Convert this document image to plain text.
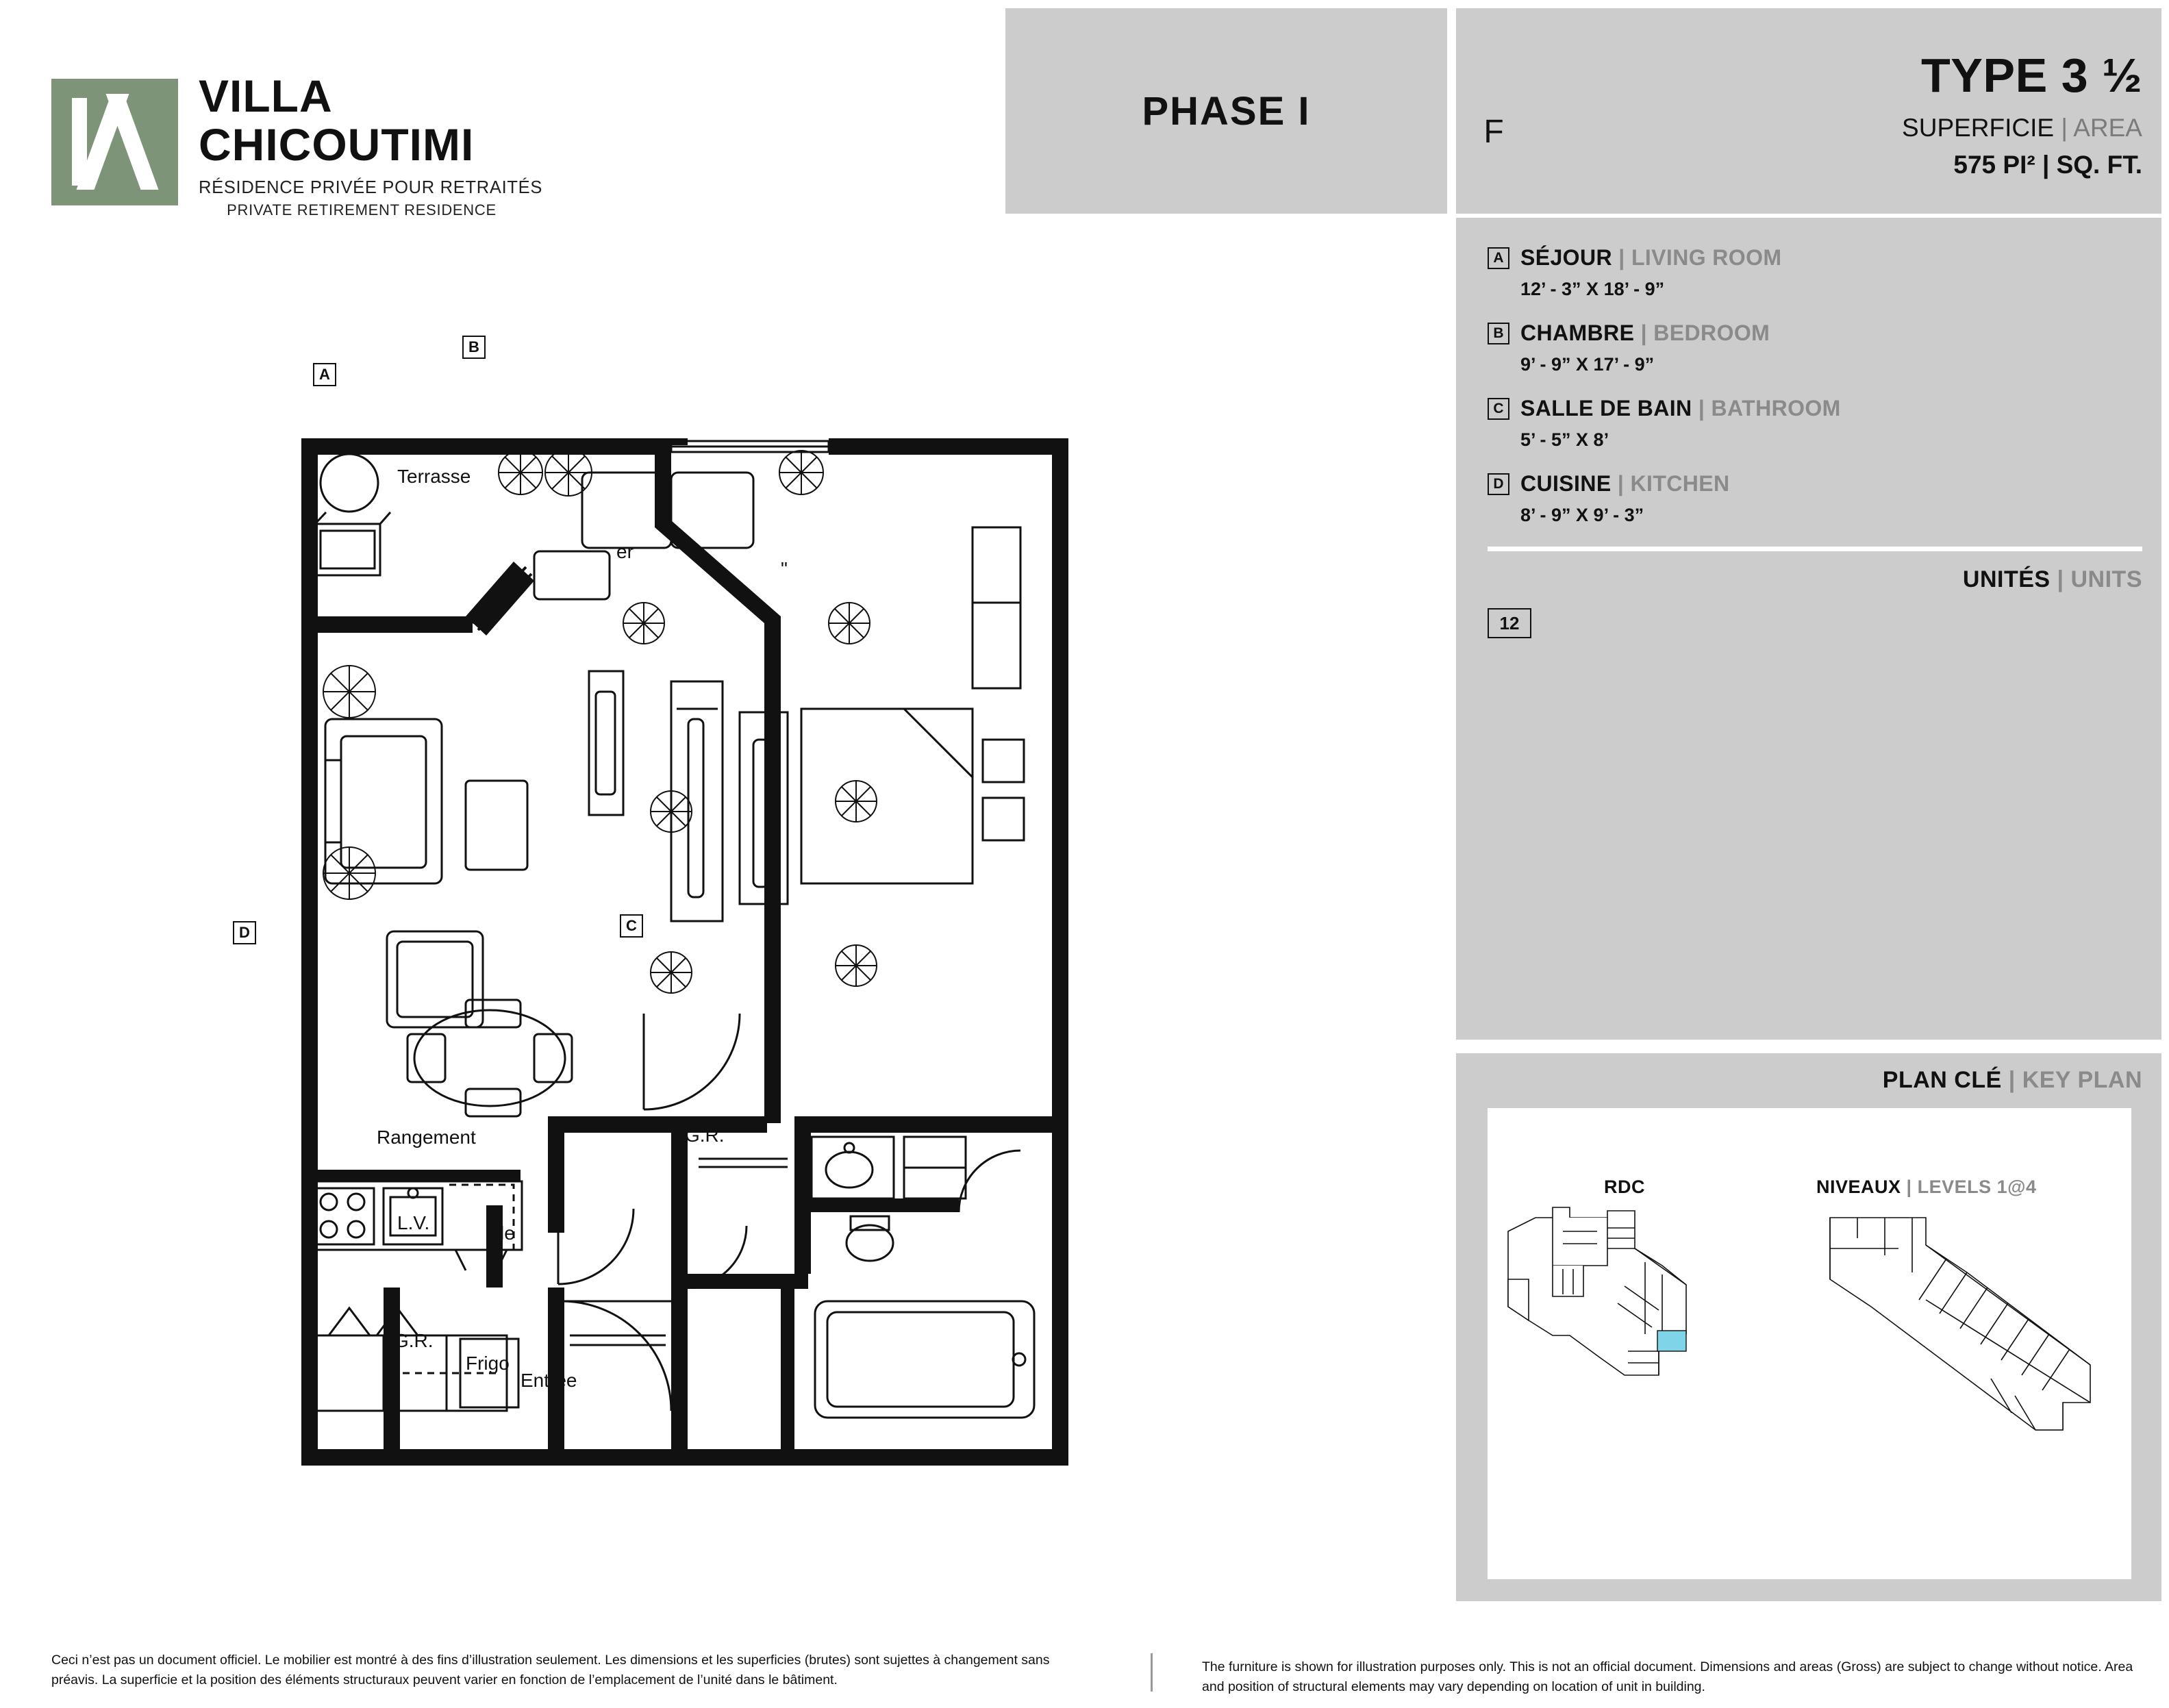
VILLA
CHICOUTIMI
RÉSIDENCE PRIVÉE POUR RETRAITÉS
PRIVATE RETIREMENT RESIDENCE
PHASE I	F
TYPE 3 ½
SUPERFICIE | AREA
575 PI² | SQ. FT.
A SÉJOUR | LIVING ROOM
12’ - 3” X 18’ - 9”
B CHAMBRE | BEDROOM
9’ - 9” X 17’ - 9”
C SALLE DE BAIN | BATHROOM
5’ - 5” X 8’
D CUISINE | KITCHEN
8’ - 9” X 9’ - 3”
UNITÉS | UNITS
12
PLAN CLÉ | KEY PLAN
RDC	NIVEAUX | LEVELS 1@4
Terrasse
er
"
L.V.
Frigo
Entrée
Rangement	G.R.
G.R.
le
A
B
C
D
Ceci n’est pas un document officiel. Le mobilier est montré à des fins d’illustration seulement. Les dimensions et les superficies (brutes) sont sujettes à changement sans préavis. La superficie et la position des éléments structuraux peuvent varier en fonction de l’emplacement de l’unité dans le bâtiment.
The furniture is shown for illustration purposes only. This is not an official document. Dimensions and areas (Gross) are subject to change without notice. Area and position of structural elements may vary depending on location of unit in building.
